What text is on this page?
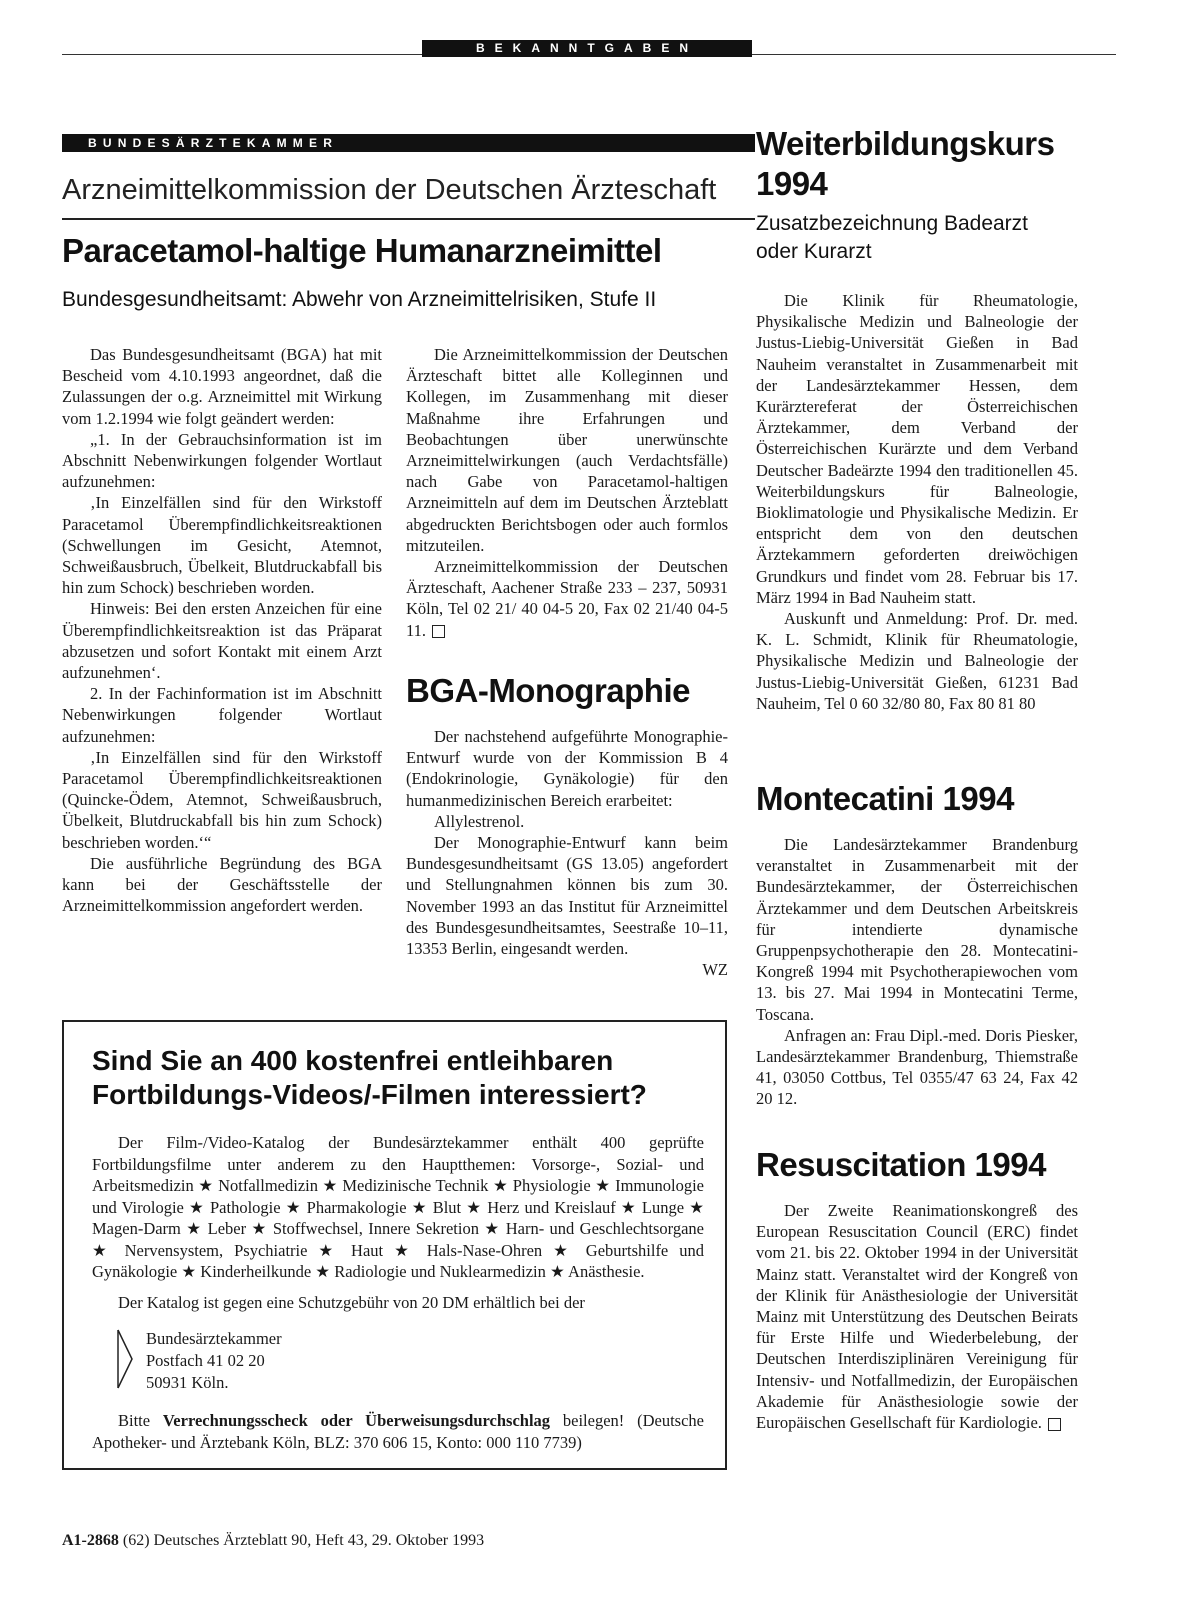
BEKANNTGABEN
BUNDESÄRZTEKAMMER
Arzneimittelkommission der Deutschen Ärzteschaft
Paracetamol-haltige Humanarzneimittel
Bundesgesundheitsamt: Abwehr von Arzneimittelrisiken, Stufe II

Das Bundesgesundheitsamt (BGA) hat mit Bescheid vom 4.10.1993 angeordnet, daß die Zulassungen der o.g. Arzneimittel mit Wirkung vom 1.2.1994 wie folgt geändert werden:

„1. In der Gebrauchsinformation ist im Abschnitt Nebenwirkungen folgender Wortlaut aufzunehmen:

‚In Einzelfällen sind für den Wirkstoff Paracetamol Überempfindlichkeitsreaktionen (Schwellungen im Gesicht, Atemnot, Schweißausbruch, Übelkeit, Blutdruckabfall bis hin zum Schock) beschrieben worden.

Hinweis: Bei den ersten Anzeichen für eine Überempfindlichkeitsreaktion ist das Präparat abzusetzen und sofort Kontakt mit einem Arzt aufzunehmen‘.

2. In der Fachinformation ist im Abschnitt Nebenwirkungen folgender Wortlaut aufzunehmen:

‚In Einzelfällen sind für den Wirkstoff Paracetamol Überempfindlichkeitsreaktionen (Quincke-Ödem, Atemnot, Schweißausbruch, Übelkeit, Blutdruckabfall bis hin zum Schock) beschrieben worden.‘“

Die ausführliche Begründung des BGA kann bei der Geschäftsstelle der Arzneimittelkommission angefordert werden.

Die Arzneimittelkommission der Deutschen Ärzteschaft bittet alle Kolleginnen und Kollegen, im Zusammenhang mit dieser Maßnahme ihre Erfahrungen und Beobachtungen über unerwünschte Arzneimittelwirkungen (auch Verdachtsfälle) nach Gabe von Paracetamol-haltigen Arzneimitteln auf dem im Deutschen Ärzteblatt abgedruckten Berichtsbogen oder auch formlos mitzuteilen.

Arzneimittelkommission der Deutschen Ärzteschaft, Aachener Straße 233 – 237, 50931 Köln, Tel 02 21/ 40 04-5 20, Fax 02 21/40 04-5 11.

BGA-Monographie

Der nachstehend aufgeführte Monographie-Entwurf wurde von der Kommission B 4 (Endokrinologie, Gynäkologie) für den humanmedizinischen Bereich erarbeitet:

Allylestrenol.

Der Monographie-Entwurf kann beim Bundesgesundheitsamt (GS 13.05) angefordert und Stellungnahmen können bis zum 30. November 1993 an das Institut für Arzneimittel des Bundesgesundheitsamtes, Seestraße 10–11, 13353 Berlin, eingesandt werden.

WZ

Weiterbildungskurs 1994
Zusatzbezeichnung Badearzt oder Kurarzt

Die Klinik für Rheumatologie, Physikalische Medizin und Balneologie der Justus-Liebig-Universität Gießen in Bad Nauheim veranstaltet in Zusammenarbeit mit der Landesärztekammer Hessen, dem Kurärztereferat der Österreichischen Ärztekammer, dem Verband der Österreichischen Kurärzte und dem Verband Deutscher Badeärzte 1994 den traditionellen 45. Weiterbildungskurs für Balneologie, Bioklimatologie und Physikalische Medizin. Er entspricht dem von den deutschen Ärztekammern geforderten dreiwöchigen Grundkurs und findet vom 28. Februar bis 17. März 1994 in Bad Nauheim statt.

Auskunft und Anmeldung: Prof. Dr. med. K. L. Schmidt, Klinik für Rheumatologie, Physikalische Medizin und Balneologie der Justus-Liebig-Universität Gießen, 61231 Bad Nauheim, Tel 0 60 32/80 80, Fax 80 81 80

Montecatini 1994

Die Landesärztekammer Brandenburg veranstaltet in Zusammenarbeit mit der Bundesärztekammer, der Österreichischen Ärztekammer und dem Deutschen Arbeitskreis für intendierte dynamische Gruppenpsychotherapie den 28. Montecatini-Kongreß 1994 mit Psychotherapiewochen vom 13. bis 27. Mai 1994 in Montecatini Terme, Toscana.

Anfragen an: Frau Dipl.-med. Doris Piesker, Landesärztekammer Brandenburg, Thiemstraße 41, 03050 Cottbus, Tel 0355/47 63 24, Fax 42 20 12.

Resuscitation 1994

Der Zweite Reanimationskongreß des European Resuscitation Council (ERC) findet vom 21. bis 22. Oktober 1994 in der Universität Mainz statt. Veranstaltet wird der Kongreß von der Klinik für Anästhesiologie der Universität Mainz mit Unterstützung des Deutschen Beirats für Erste Hilfe und Wiederbelebung, der Deutschen Interdisziplinären Vereinigung für Intensiv- und Notfallmedizin, der Europäischen Akademie für Anästhesiologie sowie der Europäischen Gesellschaft für Kardiologie.

Sind Sie an 400 kostenfrei entleihbaren Fortbildungs-Videos/-Filmen interessiert?
Der Film-/Video-Katalog der Bundesärztekammer enthält 400 geprüfte Fortbildungsfilme unter anderem zu den Hauptthemen: Vorsorge-, Sozial- und Arbeitsmedizin ★ Notfallmedizin ★ Medizinische Technik ★ Physiologie ★ Immunologie und Virologie ★ Pathologie ★ Pharmakologie ★ Blut ★ Herz und Kreislauf ★ Lunge ★ Magen-Darm ★ Leber ★ Stoffwechsel, Innere Sekretion ★ Harn- und Geschlechtsorgane ★ Nervensystem, Psychiatrie ★ Haut ★ Hals-Nase-Ohren ★ Geburtshilfe und Gynäkologie ★ Kinderheilkunde ★ Radiologie und Nuklearmedizin ★ Anästhesie.
Der Katalog ist gegen eine Schutzgebühr von 20 DM erhältlich bei der
Bundesärztekammer
Postfach 41 02 20
50931 Köln.
Bitte Verrechnungsscheck oder Überweisungsdurchschlag beilegen! (Deutsche Apotheker- und Ärztebank Köln, BLZ: 370 606 15, Konto: 000 110 7739)
A1-2868 (62) Deutsches Ärzteblatt 90, Heft 43, 29. Oktober 1993
